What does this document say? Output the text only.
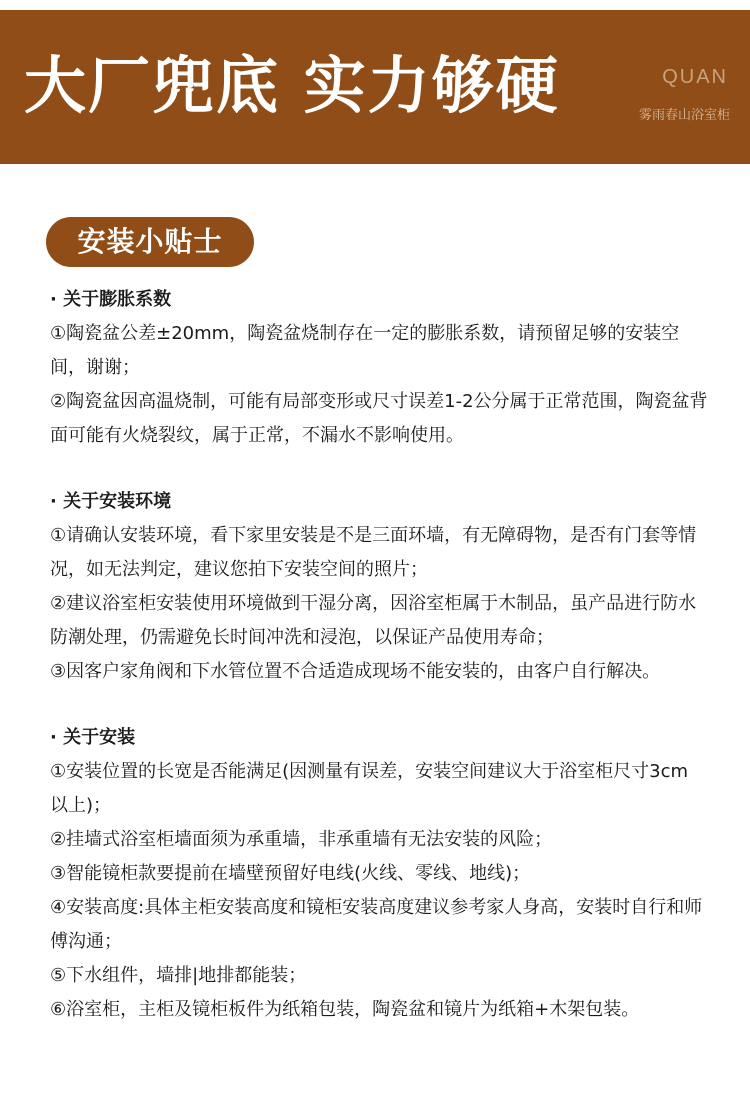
大厂兜底 实力够硬	QUAN
雾雨春山浴室柜
安装小贴士

· 关于膨胀系数

①陶瓷盆公差±20mm，陶瓷盆烧制存在一定的膨胀系数，请预留足够的安装空间，谢谢；

②陶瓷盆因高温烧制，可能有局部变形或尺寸误差1-2公分属于正常范围，陶瓷盆背面可能有火烧裂纹，属于正常，不漏水不影响使用。

· 关于安装环境

①请确认安装环境，看下家里安装是不是三面环墙，有无障碍物，是否有门套等情况，如无法判定，建议您拍下安装空间的照片；

②建议浴室柜安装使用环境做到干湿分离，因浴室柜属于木制品，虽产品进行防水防潮处理，仍需避免长时间冲洗和浸泡，以保证产品使用寿命；

③因客户家角阀和下水管位置不合适造成现场不能安装的，由客户自行解决。

· 关于安装

①安装位置的长宽是否能满足(因测量有误差，安装空间建议大于浴室柜尺寸3cm 以上)；

②挂墙式浴室柜墙面须为承重墙，非承重墙有无法安装的风险；

③智能镜柜款要提前在墙壁预留好电线(火线、零线、地线)；

④安装高度:具体主柜安装高度和镜柜安装高度建议参考家人身高，安装时自行和师傅沟通；

⑤下水组件，墙排|地排都能装；

⑥浴室柜，主柜及镜柜板件为纸箱包装，陶瓷盆和镜片为纸箱+木架包装。
